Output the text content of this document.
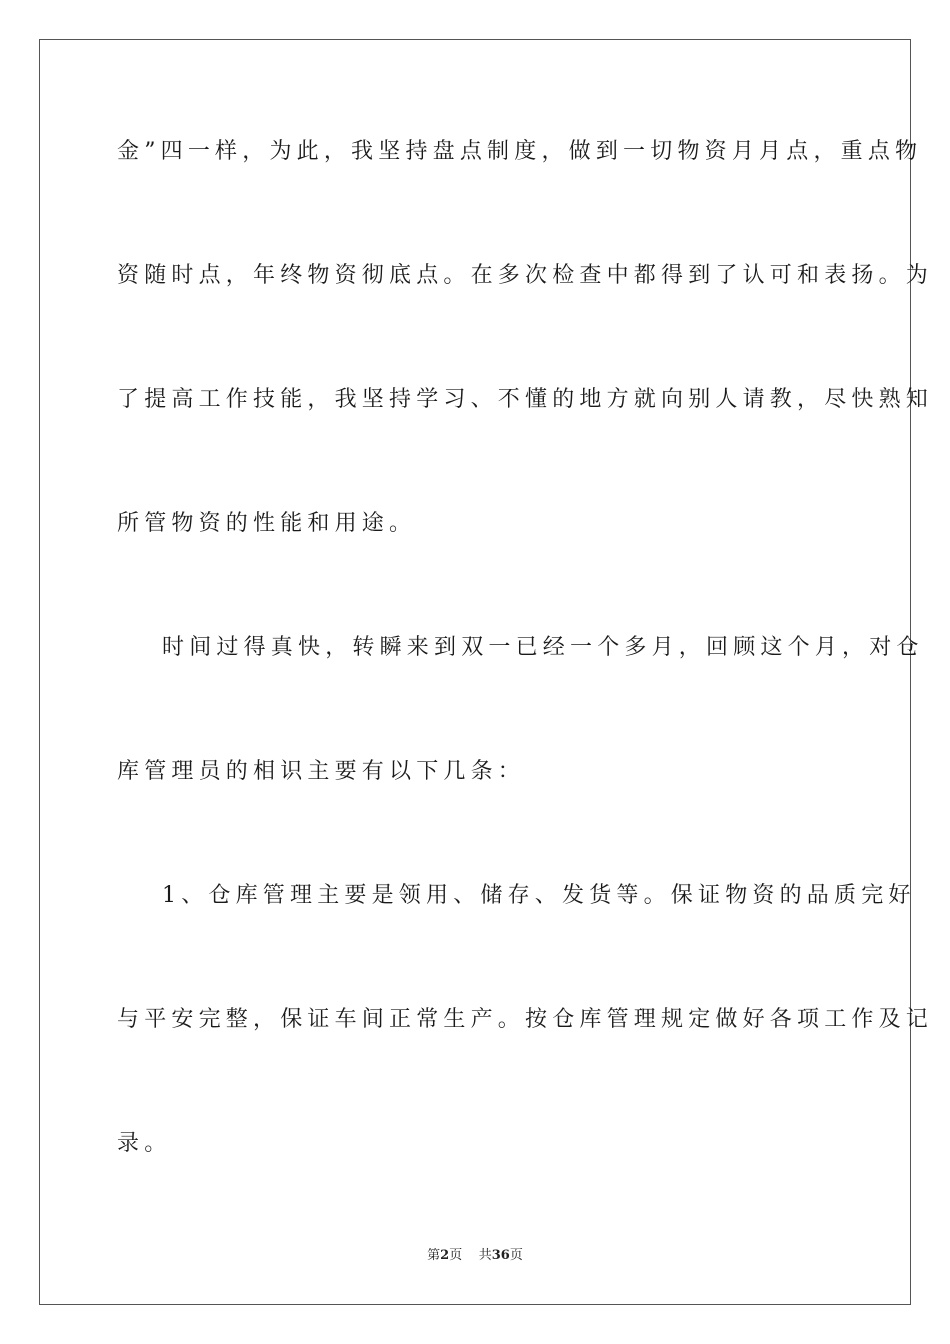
金”四一样，为此，我坚持盘点制度，做到一切物资月月点，重点物
资随时点，年终物资彻底点。在多次检查中都得到了认可和表扬。为
了提高工作技能，我坚持学习、不懂的地方就向别人请教，尽快熟知
所管物资的性能和用途。
时间过得真快，转瞬来到双一已经一个多月，回顾这个月，对仓
库管理员的相识主要有以下几条：
1、仓库管理主要是领用、储存、发货等。保证物资的品质完好
与平安完整，保证车间正常生产。按仓库管理规定做好各项工作及记
录。
第2页 共36页
